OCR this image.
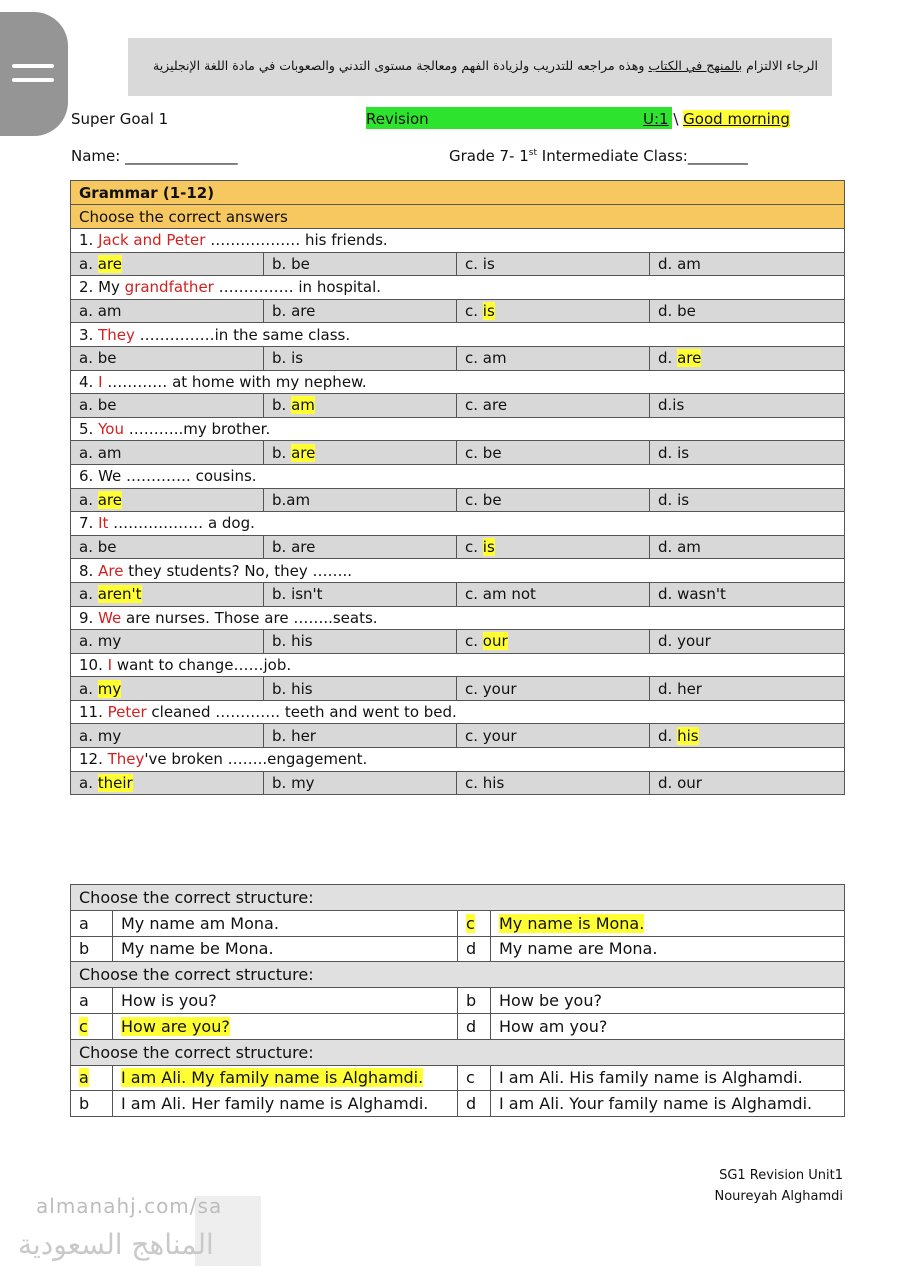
الرجاء الالتزام بالمنهج في الكتاب وهذه مراجعه للتدريب ولزيادة الفهم ومعالجة مستوى التدني والصعوبات في مادة اللغة الإنجليزية
Super Goal 1	Revision	U:1 \ Good morning
Name: _______________	Grade 7- 1st Intermediate Class:________
Grammar (1-12)			
Choose the correct answers			
1. Jack and Peter ……………… his friends.			
a. are	b. be	c. is	d. am
2. My grandfather …………… in hospital.			
a. am	b. are	c. is	d. be
3. They ……………in the same class.			
a. be	b. is	c. am	d. are
4. I ………… at home with my nephew.			
a. be	b. am	c. are	d.is
5. You ………..my brother.			
a. am	b. are	c. be	d. is
6. We …………. cousins.			
a. are	b.am	c. be	d. is
7. It ……………… a dog.			
a. be	b. are	c. is	d. am
8. Are they students? No, they ……..			
a. aren't	b. isn't	c. am not	d. wasn't
9. We are nurses. Those are ……..seats.			
a. my	b. his	c. our	d. your
10. I want to change……job.			
a. my	b. his	c. your	d. her
11. Peter cleaned …………. teeth and went to bed.			
a. my	b. her	c. your	d. his
12. They've broken ……..engagement.			
a. their	b. my	c. his	d. our
Choose the correct structure:			
a	My name am Mona.	c	My name is Mona.
b	My name be Mona.	d	My name are Mona.
Choose the correct structure:			
a	How is you?	b	How be you?
c	How are you?	d	How am you?
Choose the correct structure:			
a	I am Ali. My family name is Alghamdi.	c	I am Ali. His family name is Alghamdi.
b	I am Ali. Her family name is Alghamdi.	d	I am Ali. Your family name is Alghamdi.
SG1 Revision Unit1
Noureyah Alghamdi
almanahj.com/sa
المناهج السعودية
